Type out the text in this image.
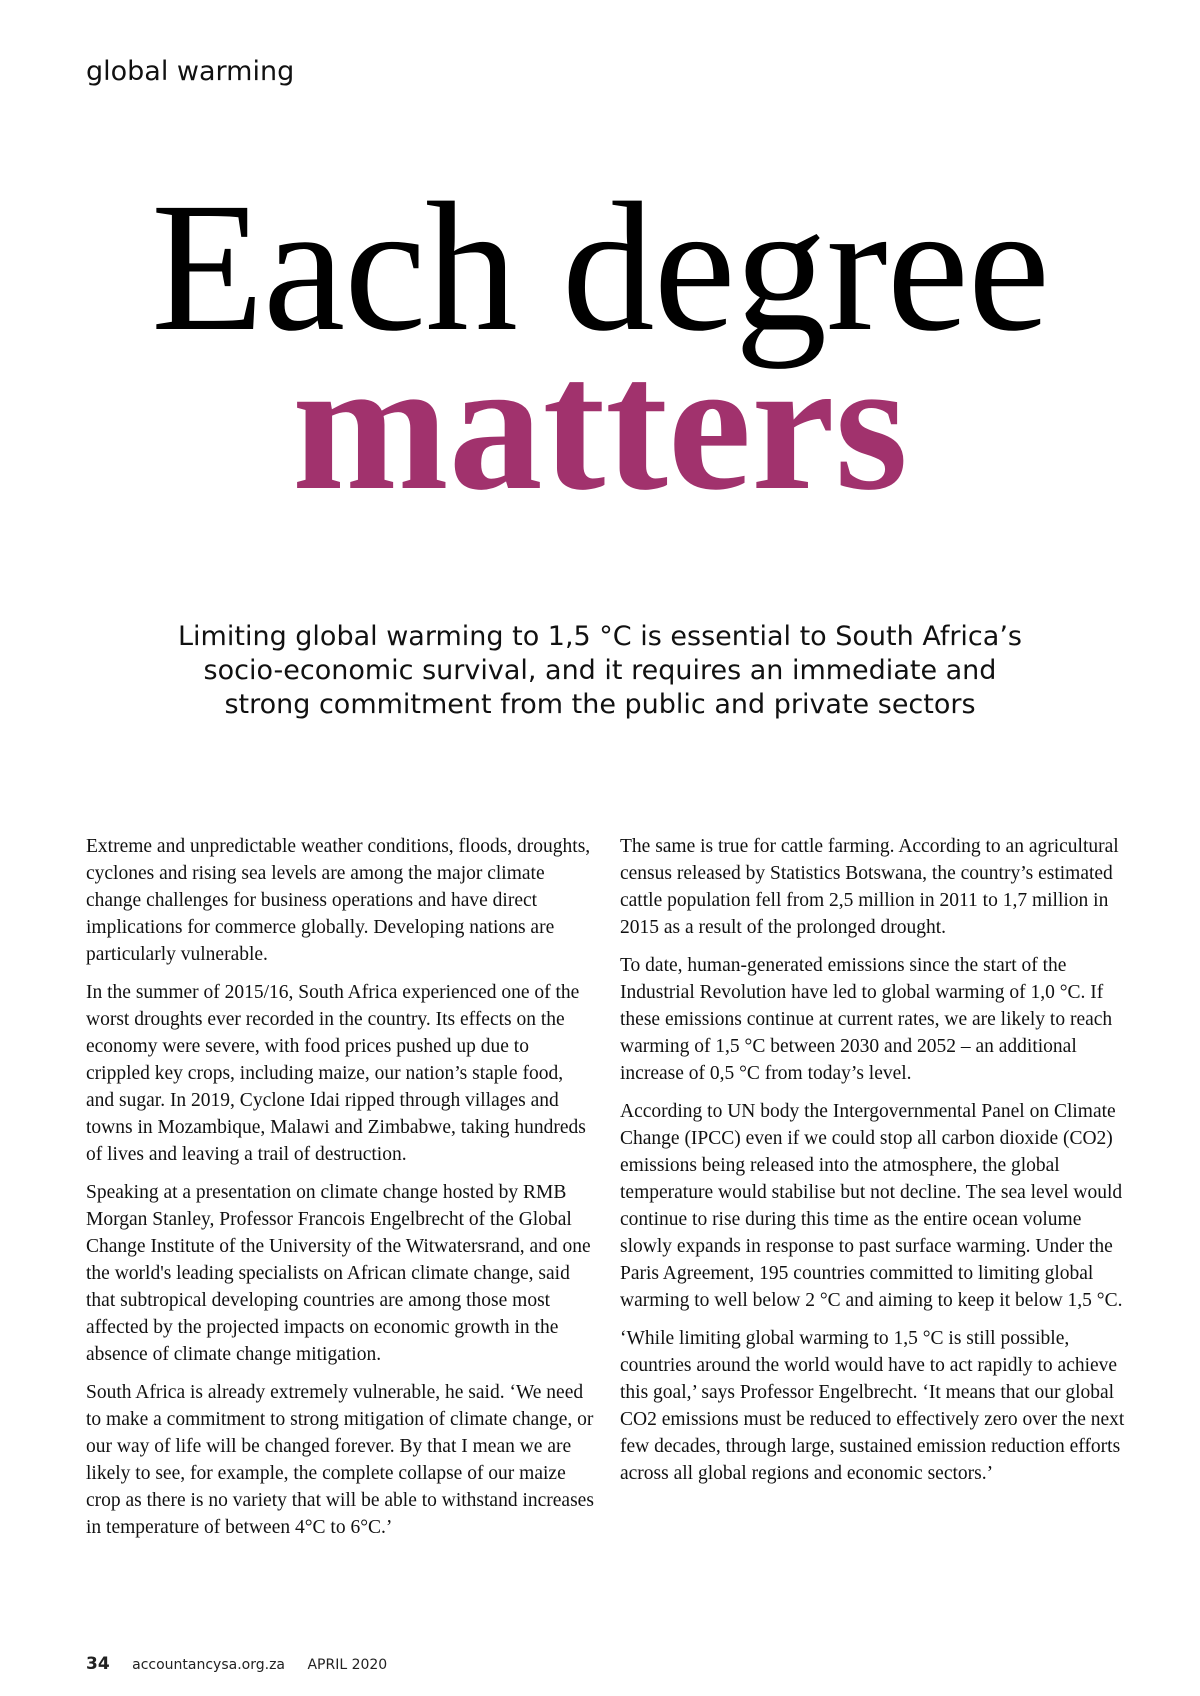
global warming
Each degree
matters
Limiting global warming to 1,5 °C is essential to South Africa’s socio-economic survival, and it requires an immediate and strong commitment from the public and private sectors

Extreme and unpredictable weather conditions, floods, droughts, cyclones and rising sea levels are among the major climate change challenges for business operations and have direct implications for commerce globally. Developing nations are particularly vulnerable.

In the summer of 2015/16, South Africa experienced one of the worst droughts ever recorded in the country. Its effects on the economy were severe, with food prices pushed up due to crippled key crops, including maize, our nation’s staple food, and sugar. In 2019, Cyclone Idai ripped through villages and towns in Mozambique, Malawi and Zimbabwe, taking hundreds of lives and leaving a trail of destruction.

Speaking at a presentation on climate change hosted by RMB Morgan Stanley, Professor Francois Engelbrecht of the Global Change Institute of the University of the Witwatersrand, and one the world's leading specialists on African climate change, said that subtropical developing countries are among those most affected by the projected impacts on economic growth in the absence of climate change mitigation.

South Africa is already extremely vulnerable, he said. ‘We need to make a commitment to strong mitigation of climate change, or our way of life will be changed forever. By that I mean we are likely to see, for example, the complete collapse of our maize crop as there is no variety that will be able to withstand increases in temperature of between 4°C to 6°C.’

The same is true for cattle farming. According to an agricultural census released by Statistics Botswana, the country’s estimated cattle population fell from 2,5 million in 2011 to 1,7 million in 2015 as a result of the prolonged drought.

To date, human-generated emissions since the start of the Industrial Revolution have led to global warming of 1,0 °C. If these emissions continue at current rates, we are likely to reach warming of 1,5 °C between 2030 and 2052 – an additional increase of 0,5 °C from today’s level.

According to UN body the Intergovernmental Panel on Climate Change (IPCC) even if we could stop all carbon dioxide (CO2) emissions being released into the atmosphere, the global temperature would stabilise but not decline. The sea level would continue to rise during this time as the entire ocean volume slowly expands in response to past surface warming. Under the Paris Agreement, 195 countries committed to limiting global warming to well below 2 °C and aiming to keep it below 1,5 °C.

‘While limiting global warming to 1,5 °C is still possible, countries around the world would have to act rapidly to achieve this goal,’ says Professor Engelbrecht. ‘It means that our global CO2 emissions must be reduced to effectively zero over the next few decades, through large, sustained emission reduction efforts across all global regions and economic sectors.’

34 accountancysa.org.za APRIL 2020
